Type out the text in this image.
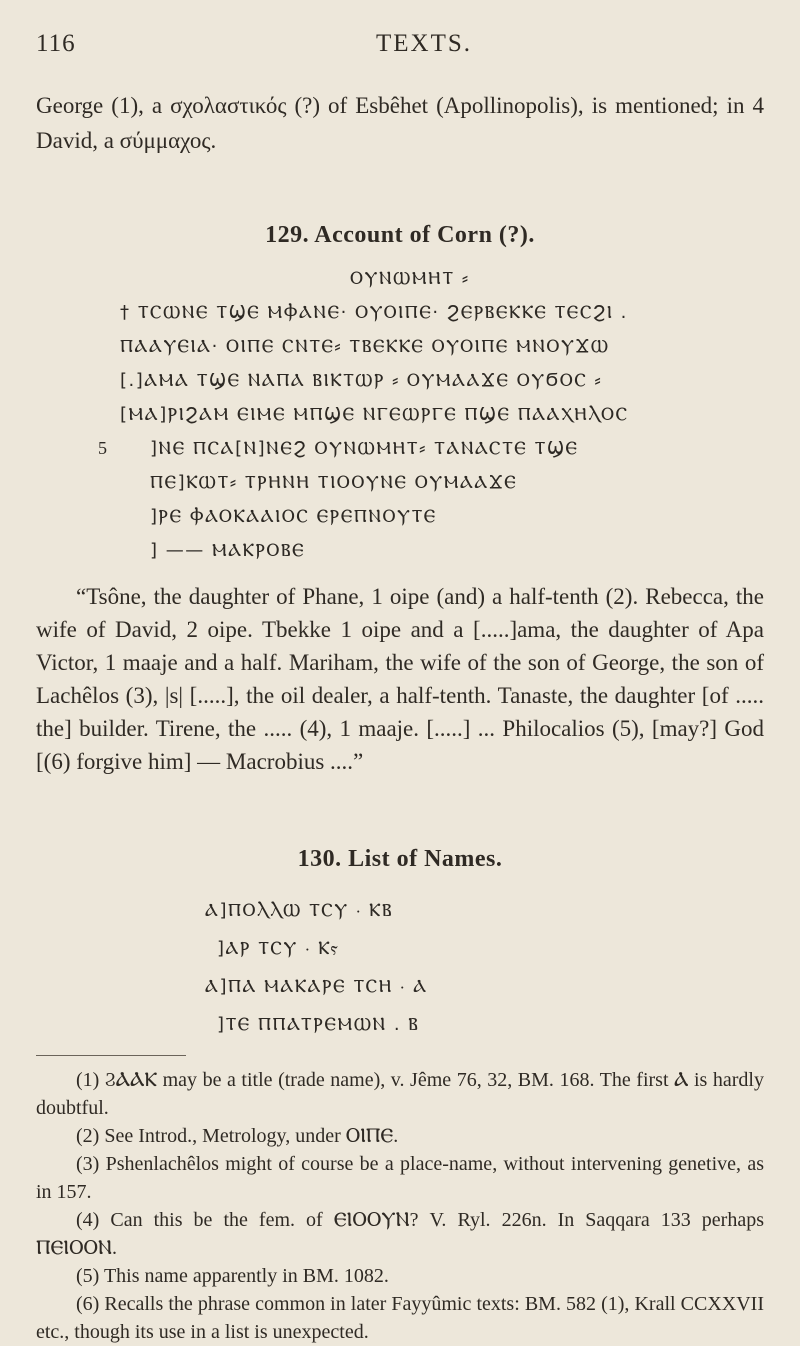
116	TEXTS.
George (1), a σχολαστικός (?) of Esbêhet (Apollinopolis), is mentioned; in 4 David, a σύμμαχος.
129. Account of Corn (?).
ⲞⲨⲚⲰⲘⲎⲦ ⸗
† ⲦⲤⲰⲚⲈ ⲦϢⲈ ⲘⲪⲀⲚⲈ· ⲞⲨⲞⲒⲠⲈ· ϨⲈⲢⲂⲈⲔⲔⲈ ⲦⲈⲤϨⲒ .
ⲠⲀⲀⲨⲈⲒⲀ· ⲞⲒⲠⲈ ⲤⲚⲦⲈ⸗ ⲦⲂⲈⲔⲔⲈ ⲞⲨⲞⲒⲠⲈ ⲘⲚⲞⲨϪⲰ
[.]ⲀⲘⲀ ⲦϢⲈ ⲚⲀⲠⲀ ⲂⲒⲔⲦⲰⲢ ⸗ ⲞⲨⲘⲀⲀϪⲈ ⲞⲨϬⲞⲤ ⸗
[ⲘⲀ]ⲢⲒϨⲀⲘ ⲈⲒⲘⲈ ⲘⲠϢⲈ ⲚⲄⲈⲰⲢⲄⲈ ⲠϢⲈ ⲠⲀⲀⲬⲎⲖⲞⲤ
5 ]ⲚⲈ ⲠⲤⲀ[Ⲛ]ⲚⲈϨ ⲞⲨⲚⲰⲘⲎⲦ⸗ ⲦⲀⲚⲀⲤⲦⲈ ⲦϢⲈ
ⲠⲈ]ⲔⲰⲦ⸗ ⲦⲢⲎⲚⲎ ⲦⲒⲞⲞⲨⲚⲈ ⲞⲨⲘⲀⲀϪⲈ
]ⲢⲈ ⲪⲀⲞⲔⲀⲀⲒⲞⲤ ⲈⲢⲈⲠⲚⲞⲨⲦⲈ
] —— ⲘⲀⲔⲢⲞⲂⲈ

“Tsône, the daughter of Phane, 1 oipe (and) a half-tenth (2). Rebecca, the wife of David, 2 oipe. Tbekke 1 oipe and a [.....]ama, the daughter of Apa Victor, 1 maaje and a half. Mariham, the wife of the son of George, the son of Lachêlos (3), |s| [.....], the oil dealer, a half-tenth. Tanaste, the daughter [of ..... the] builder. Tirene, the ..... (4), 1 maaje. [.....] ... Philocalios (5), [may?] God [(6) forgive him] — Macrobius ....”

130. List of Names.
Ⲁ]ⲠⲞⲖⲖⲰ ⲦⲤⲨ ⸱ ⲔⲂ
]ⲀⲢ ⲦⲤⲨ ⸱ Ⲕⲋ
Ⲁ]ⲠⲀ ⲘⲀⲔⲀⲢⲈ ⲦⲤⲎ ⸱ Ⲁ
]ⲦⲈ ⲠⲠⲀⲦⲢⲈⲘⲰⲚ . Ⲃ

(1) ϨⲀⲀⲔ may be a title (trade name), v. Jême 76, 32, BM. 168. The first Ⲁ is hardly doubtful.

(2) See Introd., Metrology, under ⲞⲒⲠⲈ.

(3) Pshenlachêlos might of course be a place-name, without intervening genetive, as in 157.

(4) Can this be the fem. of ⲈⲒⲞⲞⲨⲚ? V. Ryl. 226n. In Saqqara 133 perhaps ⲠⲈⲒⲞⲞⲚ.

(5) This name apparently in BM. 1082.

(6) Recalls the phrase common in later Fayyûmic texts: BM. 582 (1), Krall CCXXVII etc., though its use in a list is unexpected.
